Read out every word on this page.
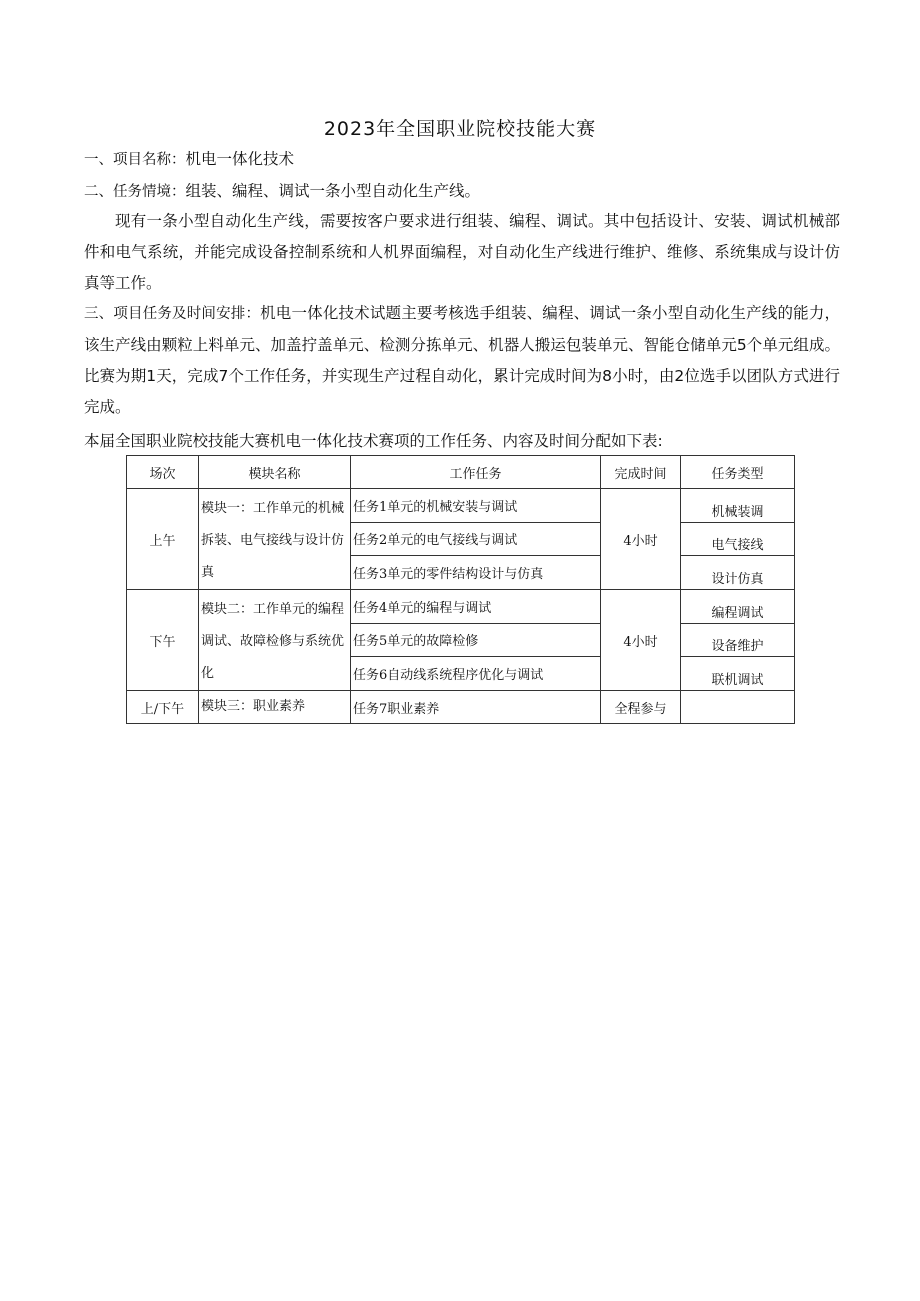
2023年全国职业院校技能大赛
一、项目名称：机电一体化技术
二、任务情境：组装、编程、调试一条小型自动化生产线。

现有一条小型自动化生产线，需要按客户要求进行组装、编程、调试。其中包括设计、安装、调试机械部件和电气系统，并能完成设备控制系统和人机界面编程，对自动化生产线进行维护、维修、系统集成与设计仿真等工作。

三、项目任务及时间安排：机电一体化技术试题主要考核选手组装、编程、调试一条小型自动化生产线的能力，该生产线由颗粒上料单元、加盖拧盖单元、检测分拣单元、机器人搬运包装单元、智能仓储单元5个单元组成。比赛为期1天，完成7个工作任务，并实现生产过程自动化，累计完成时间为8小时，由2位选手以团队方式进行完成。

本届全国职业院校技能大赛机电一体化技术赛项的工作任务、内容及时间分配如下表:
场次	模块名称	工作任务	完成时间	任务类型
上午	模块一：工作单元的机械拆装、电气接线与设计仿真	任务1单元的机械安装与调试	4小时	机械装调
		任务2单元的电气接线与调试		电气接线
		任务3单元的零件结构设计与仿真		设计仿真
下午	模块二：工作单元的编程调试、故障检修与系统优化	任务4单元的编程与调试	4小时	编程调试
		任务5单元的故障检修		设备维护
		任务6自动线系统程序优化与调试		联机调试
上/下午	模块三：职业素养	任务7职业素养	全程参与	
